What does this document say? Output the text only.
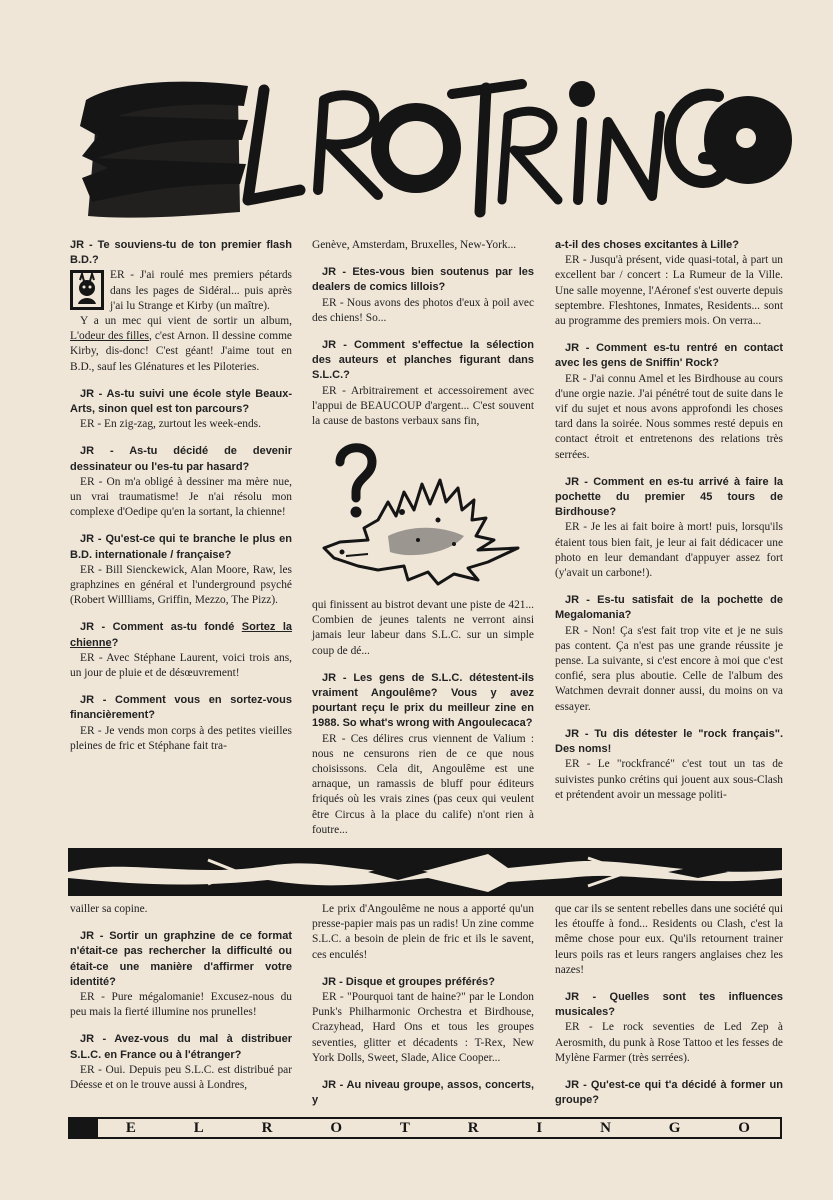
JR - Te souviens-tu de ton premier flash B.D.?

ER - J'ai roulé mes premiers pétards dans les pages de Sidéral... puis après j'ai lu Strange et Kirby (un maître).

Y a un mec qui vient de sortir un album, L'odeur des filles, c'est Arnon. Il dessine comme Kirby, dis-donc! C'est géant! J'aime tout en B.D., sauf les Glénatures et les Piloteries.

JR - As-tu suivi une école style Beaux-Arts, sinon quel est ton parcours?

ER - En zig-zag, zurtout les week-ends.

JR - As-tu décidé de devenir dessinateur ou l'es-tu par hasard?

ER - On m'a obligé à dessiner ma mère nue, un vrai traumatisme! Je n'ai résolu mon complexe d'Oedipe qu'en la sortant, la chienne!

JR - Qu'est-ce qui te branche le plus en B.D. internationale / française?

ER - Bill Sienckewick, Alan Moore, Raw, les graphzines en général et l'underground psyché (Robert Willliams, Griffin, Mezzo, The Pizz).

JR - Comment as-tu fondé Sortez la chienne?

ER - Avec Stéphane Laurent, voici trois ans, un jour de pluie et de désœuvrement!

JR - Comment vous en sortez-vous financièrement?

ER - Je vends mon corps à des petites vieilles pleines de fric et Stéphane fait tra-

Genève, Amsterdam, Bruxelles, New-York...

JR - Etes-vous bien soutenus par les dealers de comics lillois?

ER - Nous avons des photos d'eux à poil avec des chiens! So...

JR - Comment s'effectue la sélection des auteurs et planches figurant dans S.L.C.?

ER - Arbitrairement et accessoirement avec l'appui de BEAUCOUP d'argent... C'est souvent la cause de bastons verbaux sans fin,

qui finissent au bistrot devant une piste de 421... Combien de jeunes talents ne verront ainsi jamais leur labeur dans S.L.C. sur un simple coup de dé...

JR - Les gens de S.L.C. détestent-ils vraiment Angoulême? Vous y avez pourtant reçu le prix du meilleur zine en 1988. So what's wrong with Angoulecaca?

ER - Ces délires crus viennent de Valium : nous ne censurons rien de ce que nous choisissons. Cela dit, Angoulême est une arnaque, un ramassis de bluff pour éditeurs friqués où les vrais zines (pas ceux qui veulent être Circus à la place du calife) n'ont rien à foutre...

a-t-il des choses excitantes à Lille?

ER - Jusqu'à présent, vide quasi-total, à part un excellent bar / concert : La Rumeur de la Ville. Une salle moyenne, l'Aéronef s'est ouverte depuis septembre. Fleshtones, Inmates, Residents... sont au programme des premiers mois. On verra...

JR - Comment es-tu rentré en contact avec les gens de Sniffin' Rock?

ER - J'ai connu Amel et les Birdhouse au cours d'une orgie nazie. J'ai pénétré tout de suite dans le vif du sujet et nous avons approfondi les choses tard dans la soirée. Nous sommes resté depuis en contact étroit et entretenons des relations très serrées.

JR - Comment en es-tu arrivé à faire la pochette du premier 45 tours de Birdhouse?

ER - Je les ai fait boire à mort! puis, lorsqu'ils étaient tous bien fait, je leur ai fait dédicacer une photo en leur demandant d'appuyer assez fort (y'avait un carbone!).

JR - Es-tu satisfait de la pochette de Megalomania?

ER - Non! Ça s'est fait trop vite et je ne suis pas content. Ça n'est pas une grande réussite je pense. La suivante, si c'est encore à moi que c'est confié, sera plus aboutie. Celle de l'album des Watchmen devrait donner aussi, du moins on va essayer.

JR - Tu dis détester le "rock français". Des noms!

ER - Le "rockfrancé" c'est tout un tas de suivistes punko crétins qui jouent aux sous-Clash et prétendent avoir un message politi-

vailler sa copine.

JR - Sortir un graphzine de ce format n'était-ce pas rechercher la difficulté ou était-ce une manière d'affirmer votre identité?

ER - Pure mégalomanie! Excusez-nous du peu mais la fierté illumine nos prunelles!

JR - Avez-vous du mal à distribuer S.L.C. en France ou à l'étranger?

ER - Oui. Depuis peu S.L.C. est distribué par Déesse et on le trouve aussi à Londres,

Le prix d'Angoulême ne nous a apporté qu'un presse-papier mais pas un radis! Un zine comme S.L.C. a besoin de plein de fric et ils le savent, ces enculés!

JR - Disque et groupes préférés?

ER - "Pourquoi tant de haine?" par le London Punk's Philharmonic Orchestra et Birdhouse, Crazyhead, Hard Ons et tous les groupes seventies, glitter et décadents : T-Rex, New York Dolls, Sweet, Slade, Alice Cooper...

JR - Au niveau groupe, assos, concerts, y

que car ils se sentent rebelles dans une société qui les étouffe à fond... Residents ou Clash, c'est la même chose pour eux. Qu'ils retournent trainer leurs poils ras et leurs rangers anglaises chez les nazes!

JR - Quelles sont tes influences musicales?

ER - Le rock seventies de Led Zep à Aerosmith, du punk à Rose Tattoo et les fesses de Mylène Farmer (très serrées).

JR - Qu'est-ce qui t'a décidé à former un groupe?

E	L	R	O	T	R	I	N	G	O
